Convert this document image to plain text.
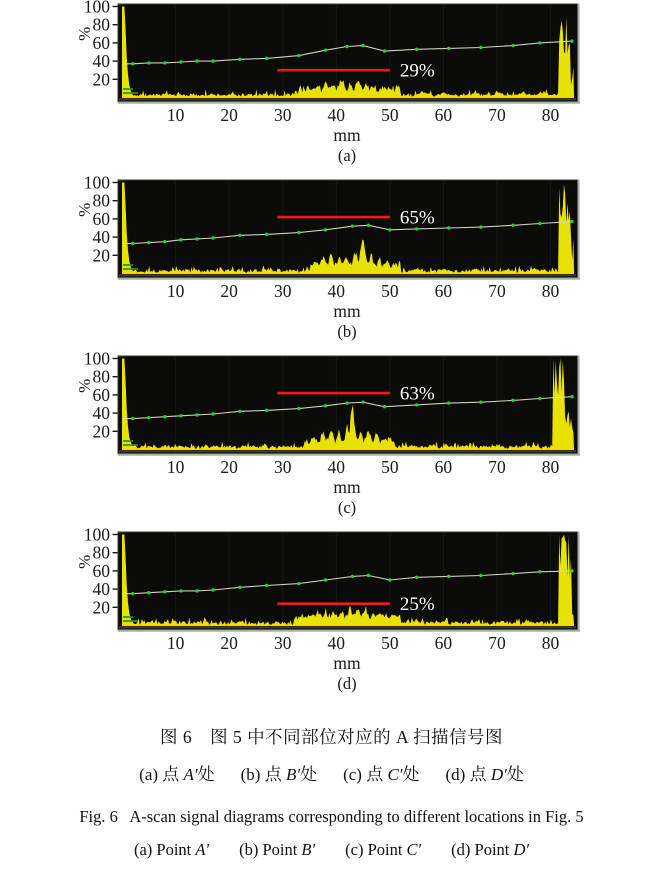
29%
20
40
60
80
100
%
10 20 30 40 50 60 70 80
mm
(a)
65%
20
40
60
80
100
%
10 20 30 40 50 60 70 80
mm
(b)
63%
20
40
60
80
100
%
10 20 30 40 50 60 70 80
mm
(c)
25%
20
40
60
80
100
%
10 20 30 40 50 60 70 80
mm
(d)

图 6　图 5 中不同部位对应的 A 扫描信号图

(a) 点 A′处 (b) 点 B′处 (c) 点 C′处 (d) 点 D′处

Fig. 6   A-scan signal diagrams corresponding to different locations in Fig. 5

(a) Point A′ (b) Point B′ (c) Point C′ (d) Point D′
